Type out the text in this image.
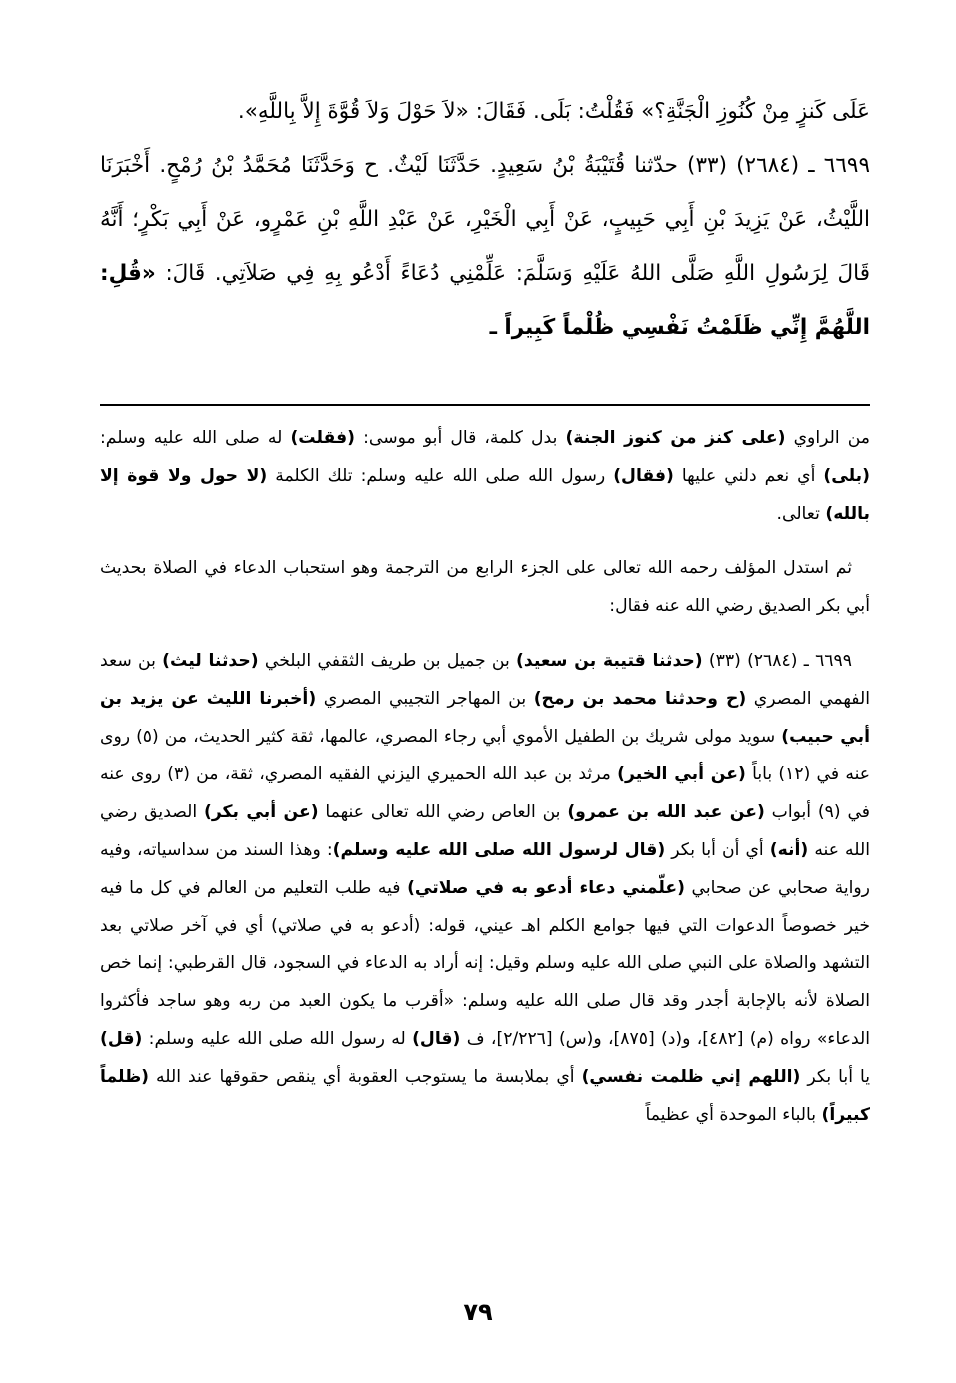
عَلَى كَنزٍ مِنْ كُنُوزِ الْجَنَّةِ؟» فَقُلْتُ: بَلَى. فَقَالَ: «لاَ حَوْلَ وَلاَ قُوَّةَ إِلاَّ بِاللَّهِ».

٦٦٩٩ ـ (٢٦٨٤) (٣٣) حدّثنا قُتَيْبَةُ بْنُ سَعِيدٍ. حَدَّثَنَا لَيْثٌ. ح وَحَدَّثَنَا مُحَمَّدُ بْنُ رُمْحٍ. أَخْبَرَنَا اللَّيْثُ، عَنْ يَزِيدَ بْنِ أَبِي حَبِيبٍ، عَنْ أَبِي الْخَيْرِ، عَنْ عَبْدِ اللَّهِ بْنِ عَمْرٍو، عَنْ أَبِي بَكْرٍ؛ أَنَّهُ قَالَ لِرَسُولِ اللَّهِ صَلَّى اللهُ عَلَيْهِ وَسَلَّمَ: عَلِّمْنِي دُعَاءً أَدْعُو بِهِ فِي صَلاَتِي. قَالَ: «قُلِ: اللَّهُمَّ إِنِّي ظَلَمْتُ نَفْسِي ظُلْماً كَبِيراً ـ

من الراوي (على كنز من كنوز الجنة) بدل كلمة، قال أبو موسى: (فقلت) له صلى الله عليه وسلم: (بلى) أي نعم دلني عليها (فقال) رسول الله صلى الله عليه وسلم: تلك الكلمة (لا حول ولا قوة إلا بالله) تعالى.

ثم استدل المؤلف رحمه الله تعالى على الجزء الرابع من الترجمة وهو استحباب الدعاء في الصلاة بحديث أبي بكر الصديق رضي الله عنه فقال:

٦٦٩٩ ـ (٢٦٨٤) (٣٣) (حدثنا قتيبة بن سعيد) بن جميل بن طريف الثقفي البلخي (حدثنا ليث) بن سعد الفهمي المصري (ح وحدثنا محمد بن رمح) بن المهاجر التجيبي المصري (أخبرنا الليث عن يزيد بن أبي حبيب) سويد مولى شريك بن الطفيل الأموي أبي رجاء المصري، عالمها، ثقة كثير الحديث، من (٥) روى عنه في (١٢) باباً (عن أبي الخير) مرثد بن عبد الله الحميري اليزني الفقيه المصري، ثقة، من (٣) روى عنه في (٩) أبواب (عن عبد الله بن عمرو) بن العاص رضي الله تعالى عنهما (عن أبي بكر) الصديق رضي الله عنه (أنه) أي أن أبا بكر (قال لرسول الله صلى الله عليه وسلم): وهذا السند من سداسياته، وفيه رواية صحابي عن صحابي (علّمني دعاء أدعو به في صلاتي) فيه طلب التعليم من العالم في كل ما فيه خير خصوصاً الدعوات التي فيها جوامع الكلم اهـ عيني، قوله: (أدعو به في صلاتي) أي في آخر صلاتي بعد التشهد والصلاة على النبي صلى الله عليه وسلم وقيل: إنه أراد به الدعاء في السجود، قال القرطبي: إنما خص الصلاة لأنه بالإجابة أجدر وقد قال صلى الله عليه وسلم: «أقرب ما يكون العبد من ربه وهو ساجد فأكثروا الدعاء» رواه (م) [٤٨٢]، و(د) [٨٧٥]، و(س) [٢/٢٢٦]، ف (قال) له رسول الله صلى الله عليه وسلم: (قل) يا أبا بكر (اللهم إني ظلمت نفسي) أي بملابسة ما يستوجب العقوبة أي ينقص حقوقها عند الله (ظلماً كبيراً) بالباء الموحدة أي عظيماً

٧٩
